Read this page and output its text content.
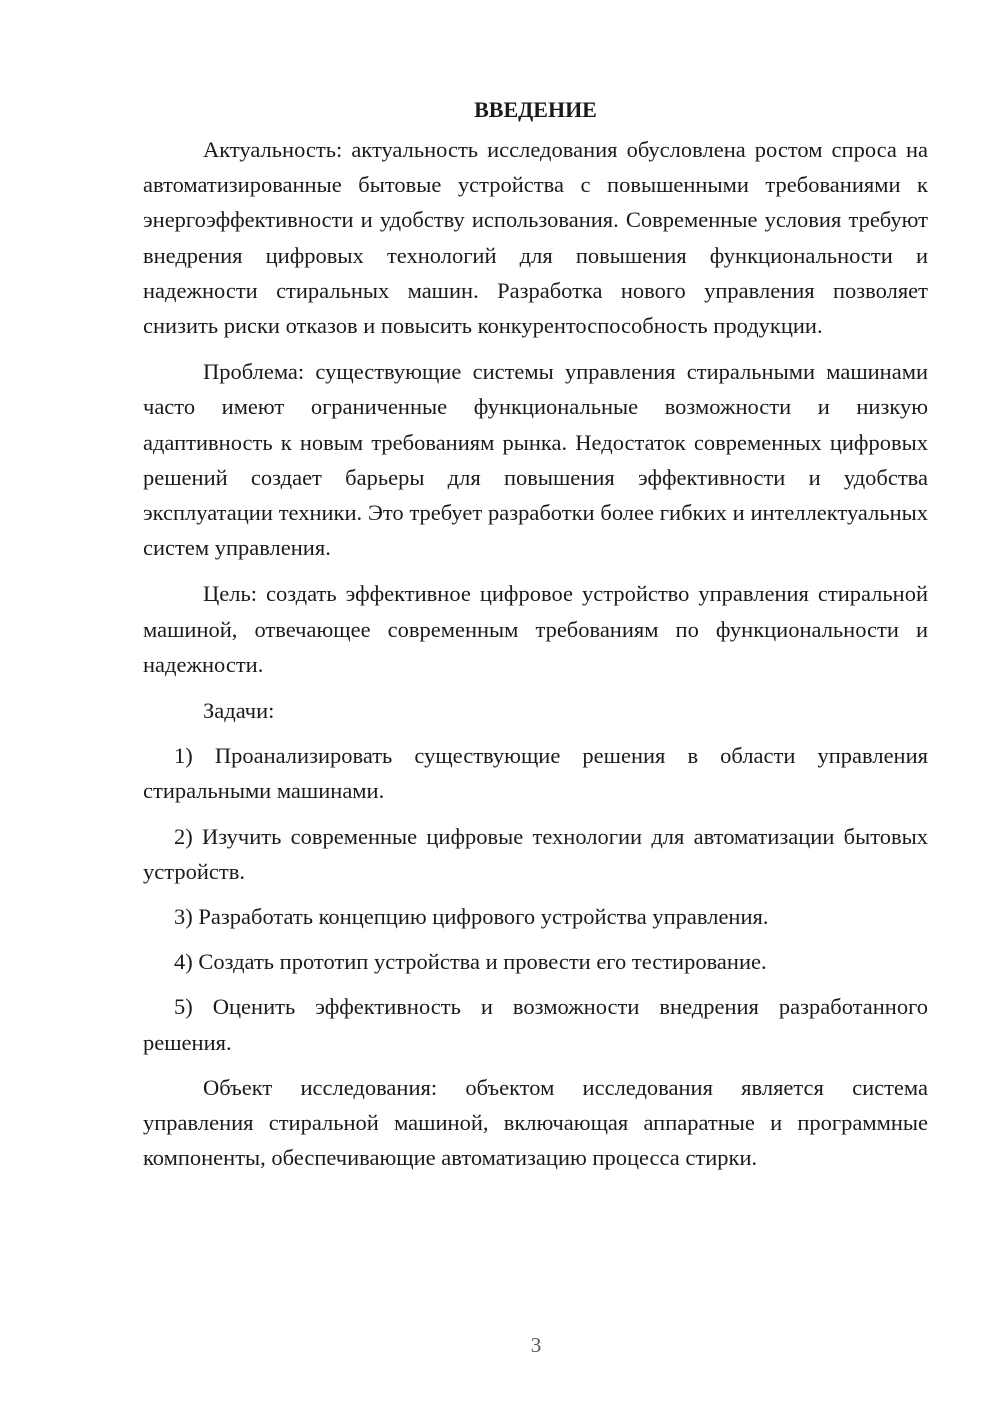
ВВЕДЕНИЕ

Актуальность: актуальность исследования обусловлена ростом спроса на автоматизированные бытовые устройства с повышенными требованиями к энергоэффективности и удобству использования. Современные условия требуют внедрения цифровых технологий для повышения функциональности и надежности стиральных машин. Разработка нового управления позволяет снизить риски отказов и повысить конкурентоспособность продукции.

Проблема: существующие системы управления стиральными машинами часто имеют ограниченные функциональные возможности и низкую адаптивность к новым требованиям рынка. Недостаток современных цифровых решений создает барьеры для повышения эффективности и удобства эксплуатации техники. Это требует разработки более гибких и интеллектуальных систем управления.

Цель: создать эффективное цифровое устройство управления стиральной машиной, отвечающее современным требованиям по функциональности и надежности.

Задачи:

1) Проанализировать существующие решения в области управления стиральными машинами.

2) Изучить современные цифровые технологии для автоматизации бытовых устройств.

3) Разработать концепцию цифрового устройства управления.

4) Создать прототип устройства и провести его тестирование.

5) Оценить эффективность и возможности внедрения разработанного решения.

Объект исследования: объектом исследования является система управления стиральной машиной, включающая аппаратные и программные компоненты, обеспечивающие автоматизацию процесса стирки.

3
